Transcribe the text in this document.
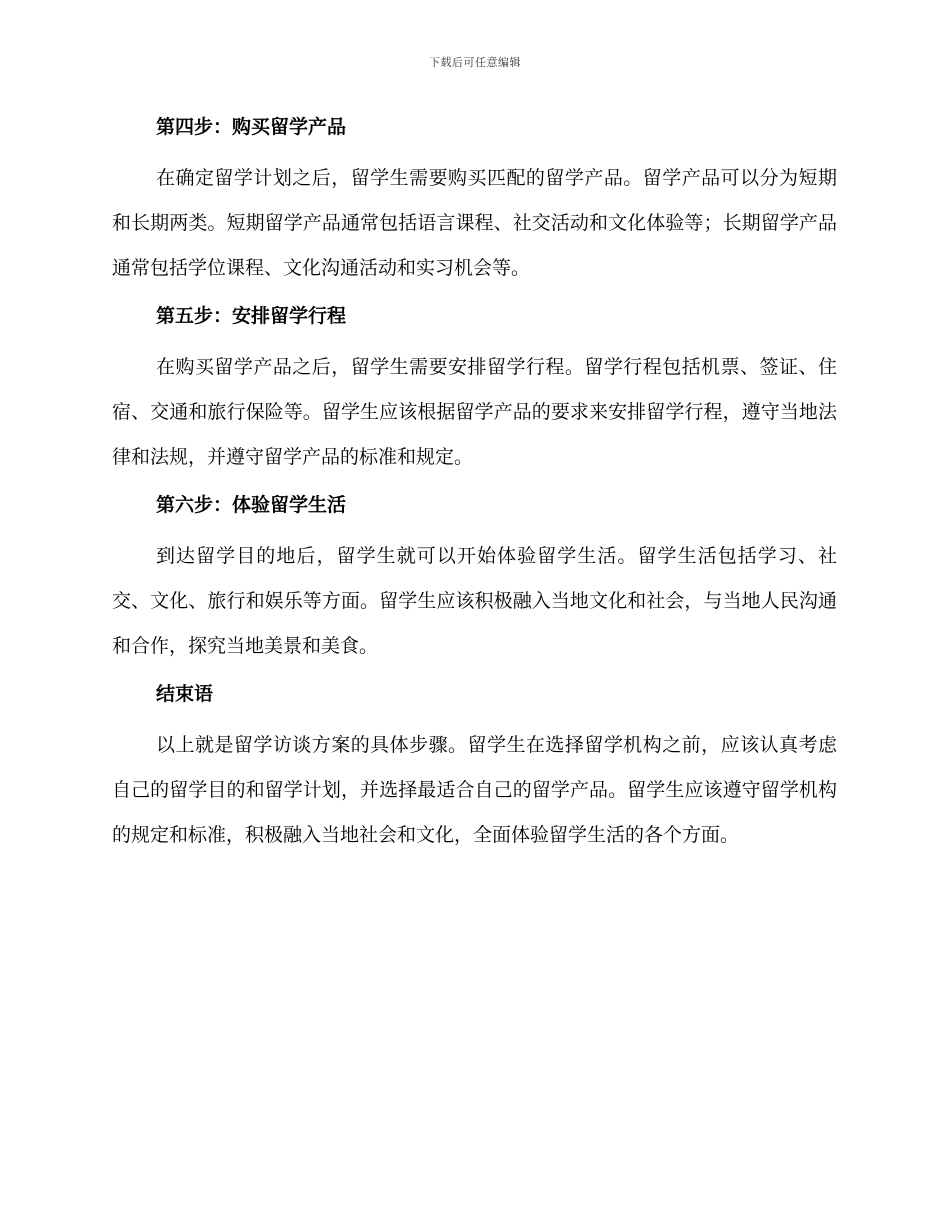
下载后可任意编辑

第四步：购买留学产品

在确定留学计划之后，留学生需要购买匹配的留学产品。留学产品可以分为短期和长期两类。短期留学产品通常包括语言课程、社交活动和文化体验等；长期留学产品通常包括学位课程、文化沟通活动和实习机会等。

第五步：安排留学行程

在购买留学产品之后，留学生需要安排留学行程。留学行程包括机票、签证、住宿、交通和旅行保险等。留学生应该根据留学产品的要求来安排留学行程，遵守当地法律和法规，并遵守留学产品的标准和规定。

第六步：体验留学生活

到达留学目的地后，留学生就可以开始体验留学生活。留学生活包括学习、社交、文化、旅行和娱乐等方面。留学生应该积极融入当地文化和社会，与当地人民沟通和合作，探究当地美景和美食。

结束语

以上就是留学访谈方案的具体步骤。留学生在选择留学机构之前，应该认真考虑自己的留学目的和留学计划，并选择最适合自己的留学产品。留学生应该遵守留学机构的规定和标准，积极融入当地社会和文化，全面体验留学生活的各个方面。
